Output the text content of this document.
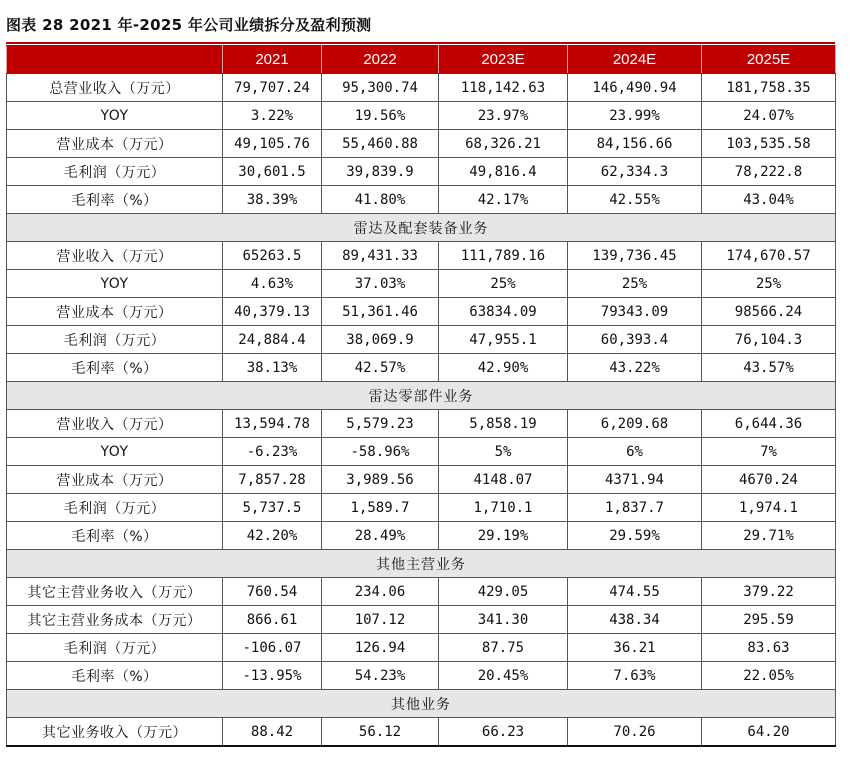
图表 28 2021 年-2025 年公司业绩拆分及盈利预测
	2021	2022	2023E	2024E	2025E
总营业收入（万元）	79,707.24	95,300.74	118,142.63	146,490.94	181,758.35
YOY	3.22%	19.56%	23.97%	23.99%	24.07%
营业成本（万元）	49,105.76	55,460.88	68,326.21	84,156.66	103,535.58
毛利润（万元）	30,601.5	39,839.9	49,816.4	62,334.3	78,222.8
毛利率（%）	38.39%	41.80%	42.17%	42.55%	43.04%
雷达及配套装备业务					
营业收入（万元）	65263.5	89,431.33	111,789.16	139,736.45	174,670.57
YOY	4.63%	37.03%	25%	25%	25%
营业成本（万元）	40,379.13	51,361.46	63834.09	79343.09	98566.24
毛利润（万元）	24,884.4	38,069.9	47,955.1	60,393.4	76,104.3
毛利率（%）	38.13%	42.57%	42.90%	43.22%	43.57%
雷达零部件业务					
营业收入（万元）	13,594.78	5,579.23	5,858.19	6,209.68	6,644.36
YOY	-6.23%	-58.96%	5%	6%	7%
营业成本（万元）	7,857.28	3,989.56	4148.07	4371.94	4670.24
毛利润（万元）	5,737.5	1,589.7	1,710.1	1,837.7	1,974.1
毛利率（%）	42.20%	28.49%	29.19%	29.59%	29.71%
其他主营业务					
其它主营业务收入（万元）	760.54	234.06	429.05	474.55	379.22
其它主营业务成本（万元）	866.61	107.12	341.30	438.34	295.59
毛利润（万元）	-106.07	126.94	87.75	36.21	83.63
毛利率（%）	-13.95%	54.23%	20.45%	7.63%	22.05%
其他业务					
其它业务收入（万元）	88.42	56.12	66.23	70.26	64.20
